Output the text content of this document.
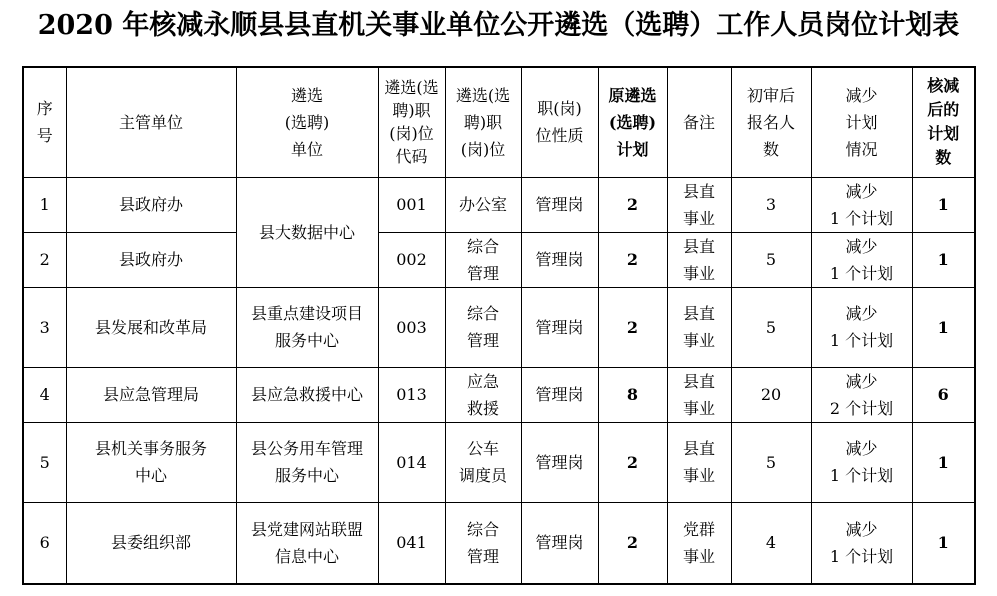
2020 年核减永顺县县直机关事业单位公开遴选（选聘）工作人员岗位计划表
序
号	主管单位	遴选
(选聘)
单位	遴选(选
聘)职
(岗)位
代码	遴选(选
聘)职
(岗)位	职(岗)
位性质	原遴选
(选聘)
计划	备注	初审后
报名人
数	减少
计划
情况	核减
后的
计划
数
1	县政府办	县大数据中心	001	办公室	管理岗	2	县直
事业	3	减少
1 个计划	1
2	县政府办		002	综合
管理	管理岗	2	县直
事业	5	减少
1 个计划	1
3	县发展和改革局	县重点建设项目
服务中心	003	综合
管理	管理岗	2	县直
事业	5	减少
1 个计划	1
4	县应急管理局	县应急救援中心	013	应急
救援	管理岗	8	县直
事业	20	减少
2 个计划	6
5	县机关事务服务
中心	县公务用车管理
服务中心	014	公车
调度员	管理岗	2	县直
事业	5	减少
1 个计划	1
6	县委组织部	县党建网站联盟
信息中心	041	综合
管理	管理岗	2	党群
事业	4	减少
1 个计划	1
